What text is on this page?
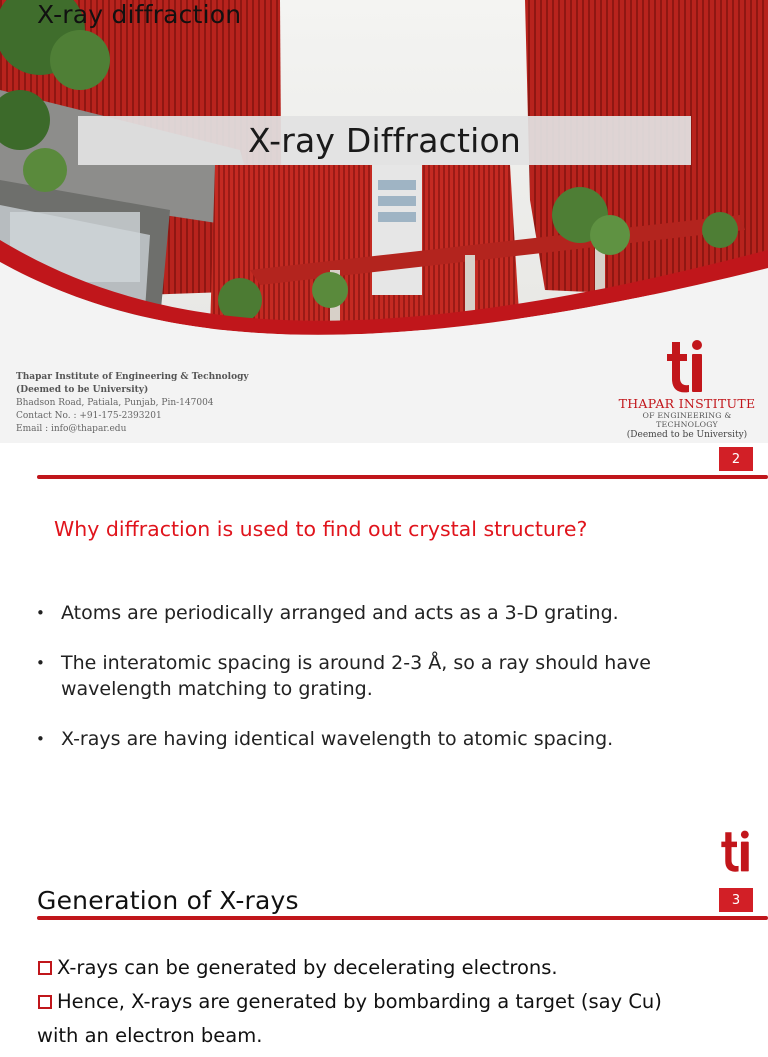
X-ray Diffraction
Thapar Institute of Engineering & Technology
(Deemed to be University)
Bhadson Road, Patiala, Punjab, Pin-147004
Contact No. : +91-175-2393201
Email : info@thapar.edu
THAPAR INSTITUTE
OF ENGINEERING & TECHNOLOGY
(Deemed to be University)
X-ray diffraction
2
Why diffraction is used to find out crystal structure?
• Atoms are periodically arranged and acts as a 3-D grating.
• The interatomic spacing is around 2-3 Å, so a ray should have wavelength matching to grating.
• X-rays are having identical wavelength to atomic spacing.
Generation of X-rays	3
X-rays can be generated by decelerating electrons.
Hence, X-rays are generated by bombarding a target (say Cu)
with an electron beam.
